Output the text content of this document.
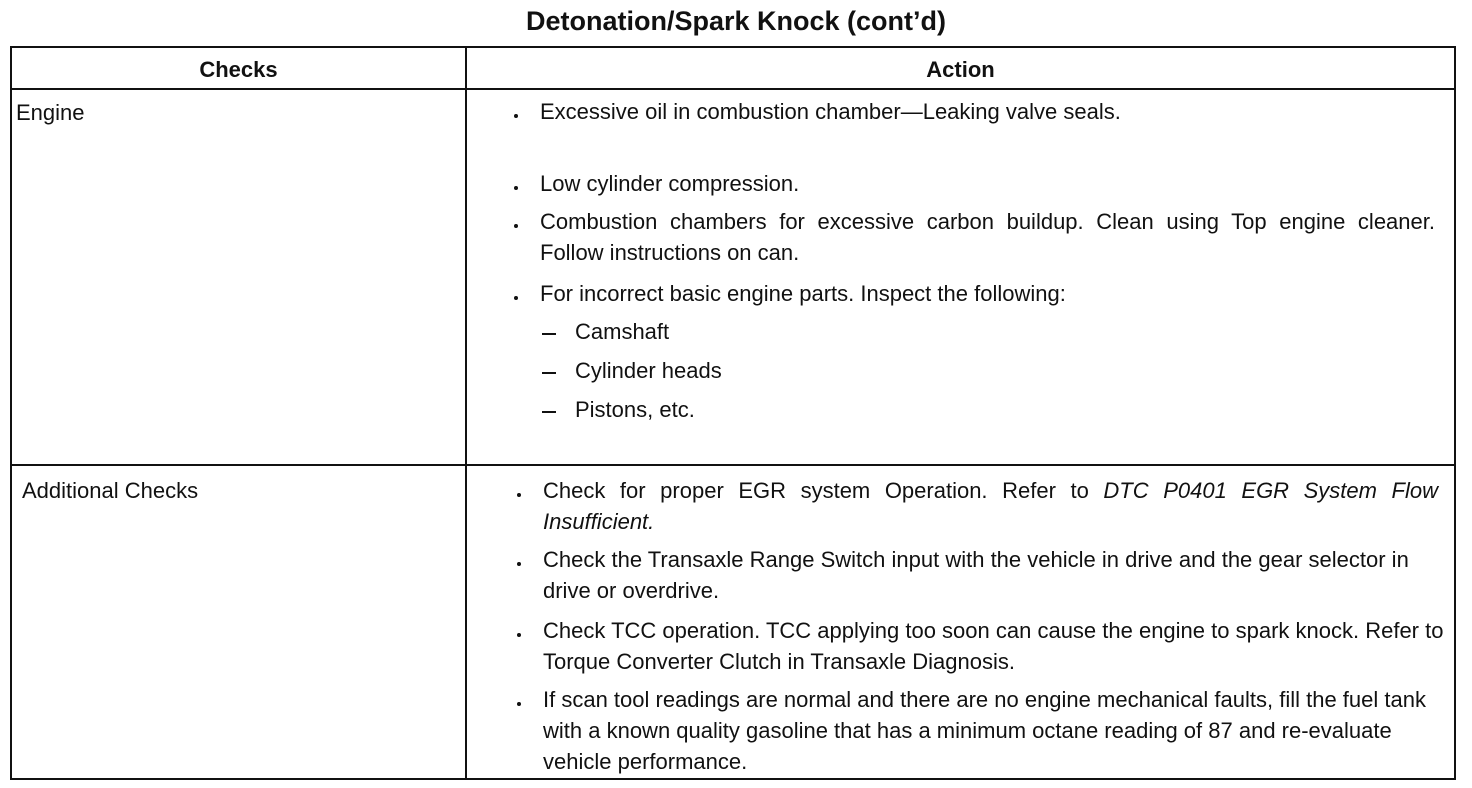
Detonation/Spark Knock (cont’d)
Checks	Action
Engine	Excessive oil in combustion chamber—Leaking valve seals.
Low cylinder compression.
Combustion chambers for excessive carbon buildup. Clean using Top engine cleaner. Follow instructions on can.
For incorrect basic engine parts. Inspect the following:
Camshaft
Cylinder heads
Pistons, etc.
Additional Checks	Check for proper EGR system Operation. Refer to DTC P0401 EGR System Flow Insufficient.
Check the Transaxle Range Switch input with the vehicle in drive and the gear selector in drive or overdrive.
Check TCC operation. TCC applying too soon can cause the engine to spark knock. Refer to Torque Converter Clutch in Transaxle Diagnosis.
If scan tool readings are normal and there are no engine mechanical faults, fill the fuel tank with a known quality gasoline that has a minimum octane reading of 87 and re-evaluate vehicle performance.
